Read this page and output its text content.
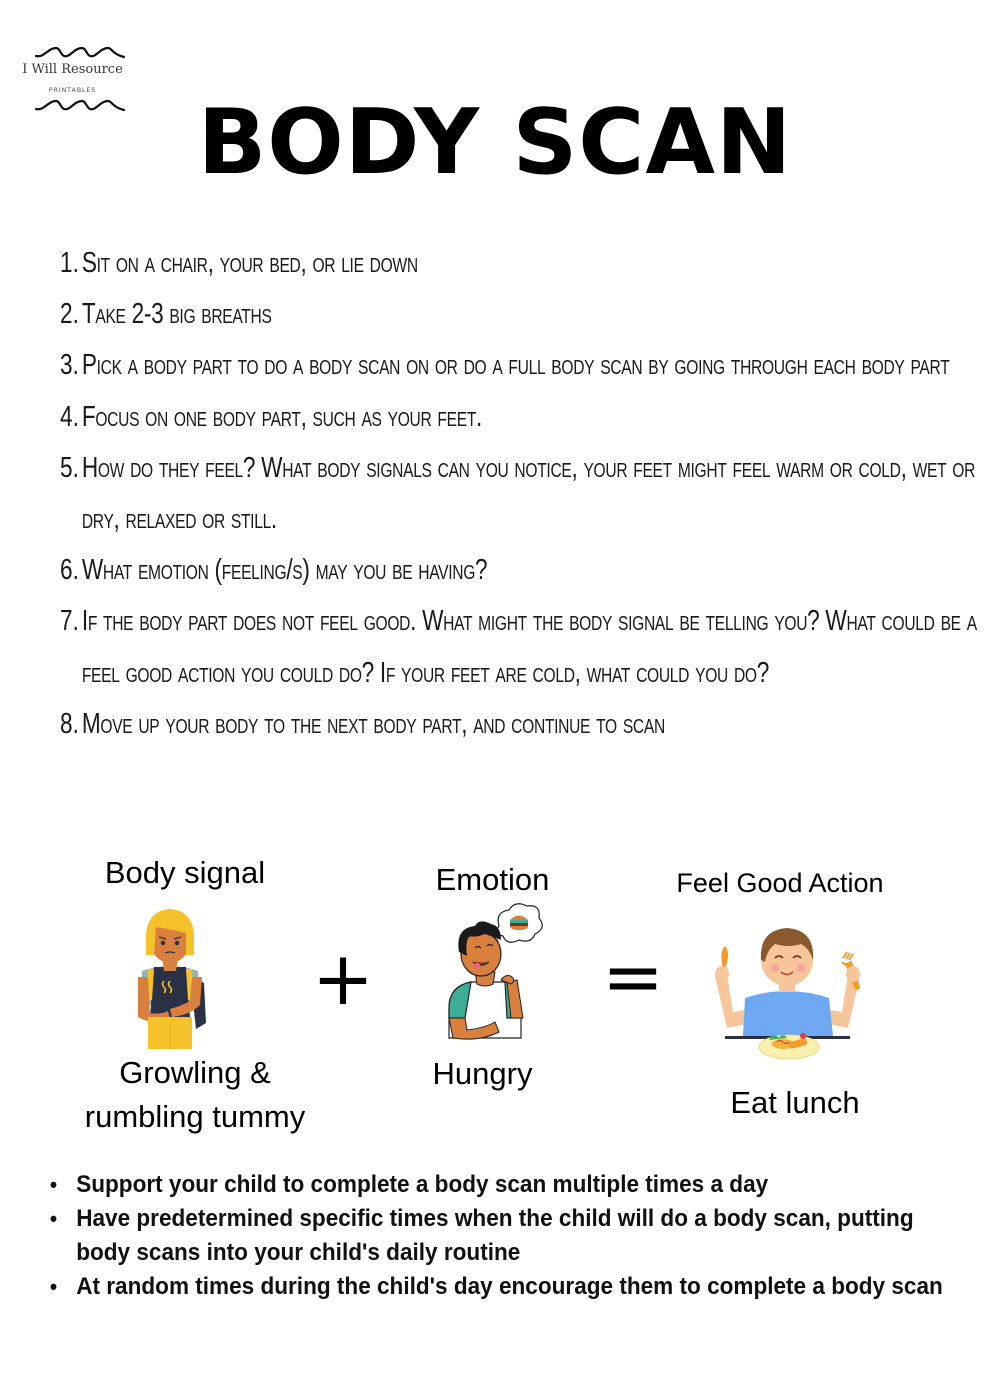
I Will Resource
PRINTABLES	BODY SCAN
1. Sit on a chair, your bed, or lie down
2. Take 2-3 big breaths
3. Pick a body part to do a body scan on or do a full body scan by going through each body part
4. Focus on one body part, such as your feet.
5. How do they feel? What body signals can you notice, your feet might feel warm or cold, wet or dry, relaxed or still.
6. What emotion (feeling/s) may you be having?
7. If the body part does not feel good. What might the body signal be telling you? What could be a feel good action you could do? If your feet are cold, what could you do?
8. Move up your body to the next body part, and continue to scan
Body signal	Emotion	Feel Good Action
+	=
Growling &
rumbling tummy
Hungry
Eat lunch
• Support your child to complete a body scan multiple times a day
• Have predetermined specific times when the child will do a body scan, putting body scans into your child's daily routine
• At random times during the child's day encourage them to complete a body scan
